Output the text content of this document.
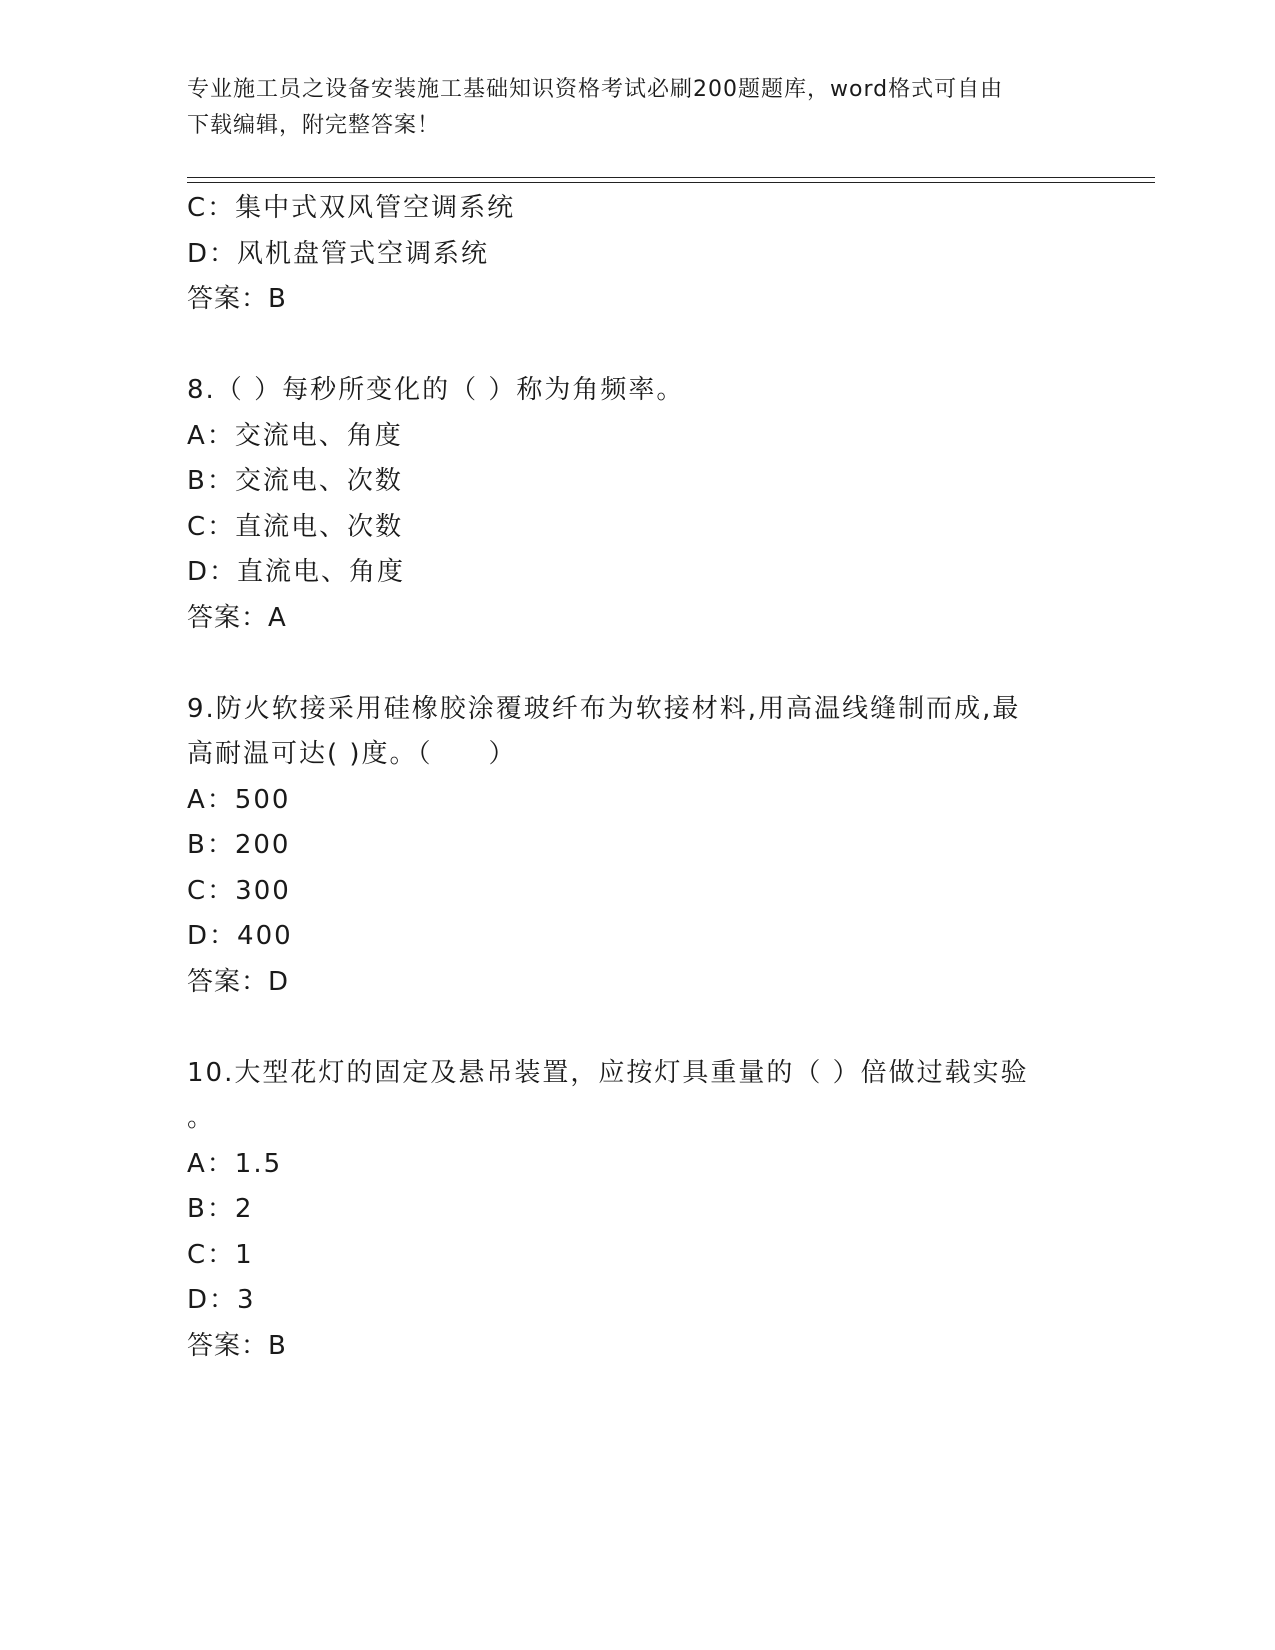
专业施工员之设备安装施工基础知识资格考试必刷200题题库，word格式可自由
下载编辑，附完整答案！
C：集中式双风管空调系统
D：风机盘管式空调系统
答案：B
8.（ ）每秒所变化的（ ）称为角频率。
A：交流电、角度
B：交流电、次数
C：直流电、次数
D：直流电、角度
答案：A
9.防火软接采用硅橡胶涂覆玻纤布为软接材料,用高温线缝制而成,最
高耐温可达( )度。（　　）
A：500
B：200
C：300
D：400
答案：D
10.大型花灯的固定及悬吊装置，应按灯具重量的（ ）倍做过载实验
。
A：1.5
B：2
C：1
D：3
答案：B
